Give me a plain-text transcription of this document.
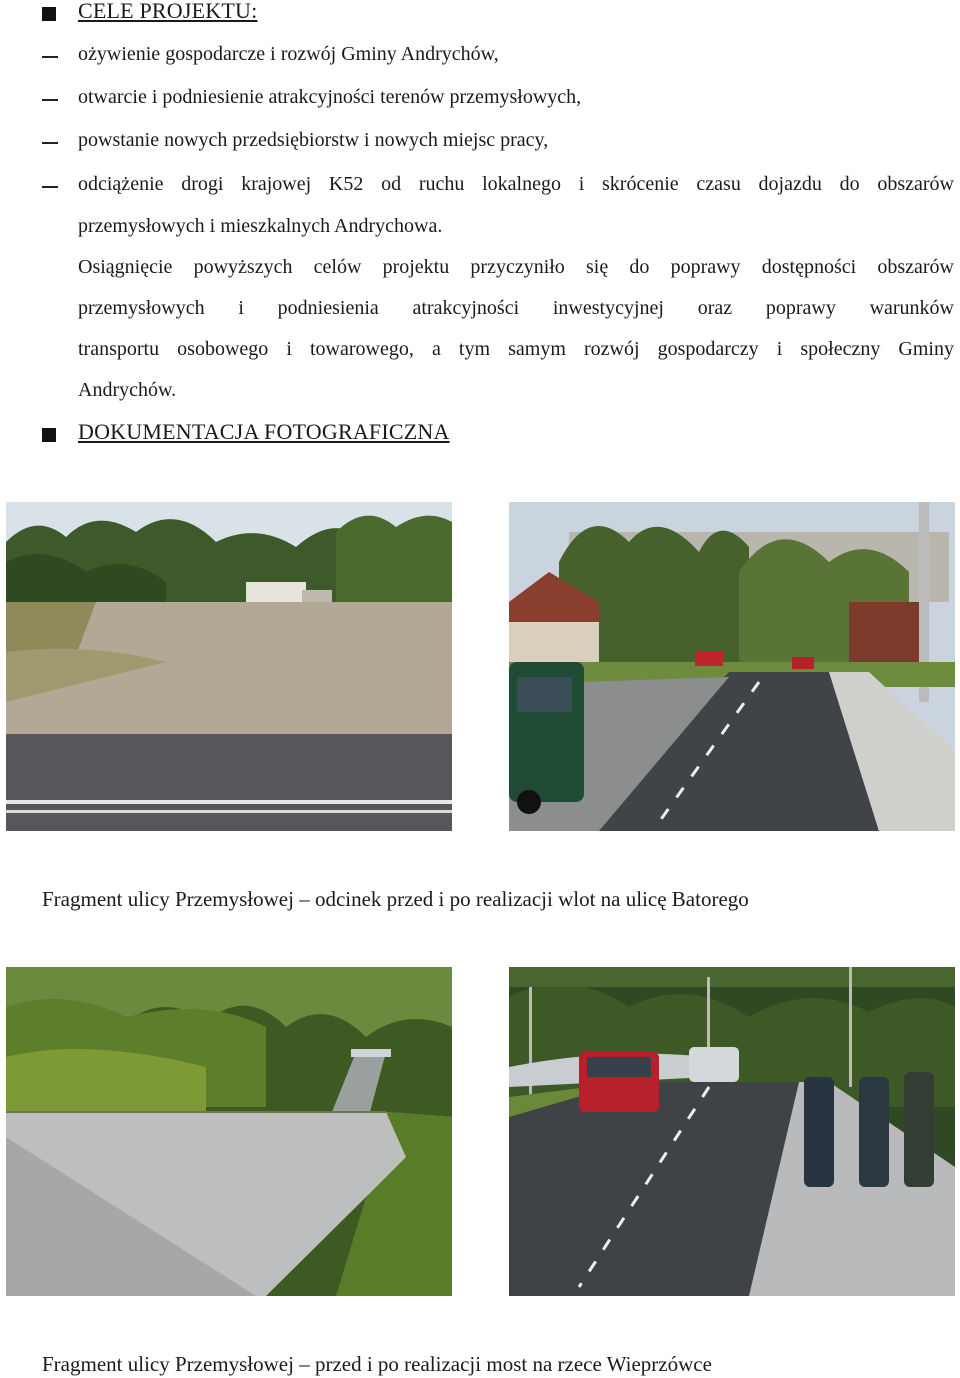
CELE PROJEKTU:
ożywienie gospodarcze i rozwój Gminy Andrychów,
otwarcie i podniesienie atrakcyjności terenów przemysłowych,
powstanie nowych przedsiębiorstw i nowych miejsc pracy,
odciążenie drogi krajowej K52 od ruchu lokalnego i skrócenie czasu dojazdu do obszarów
przemysłowych i mieszkalnych Andrychowa.
Osiągnięcie powyższych celów projektu przyczyniło się do poprawy dostępności obszarów
przemysłowych i podniesienia atrakcyjności inwestycyjnej oraz poprawy warunków
transportu osobowego i towarowego, a tym samym rozwój gospodarczy i społeczny Gminy
Andrychów.
DOKUMENTACJA FOTOGRAFICZNA
Fragment ulicy Przemysłowej – odcinek przed i po realizacji wlot na ulicę Batorego
Fragment ulicy Przemysłowej – przed i po realizacji most na rzece Wieprzówce
